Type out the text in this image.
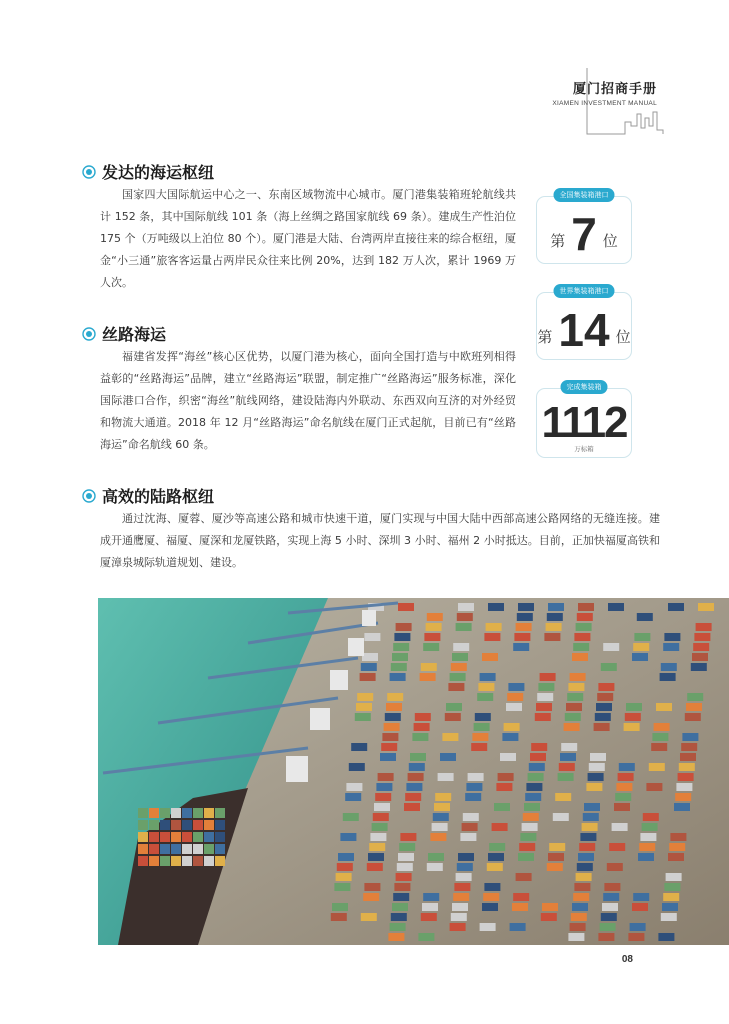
厦门招商手册
XIAMEN INVESTMENT MANUAL
发达的海运枢纽
国家四大国际航运中心之一、东南区域物流中心城市。厦门港集装箱班轮航线共计 152 条，其中国际航线 101 条（海上丝绸之路国家航线 69 条）。建成生产性泊位 175 个（万吨级以上泊位 80 个）。厦门港是大陆、台湾两岸直接往来的综合枢纽，厦金“小三通”旅客客运量占两岸民众往来比例 20%，达到 182 万人次，累计 1969 万人次。
丝路海运
福建省发挥“海丝”核心区优势，以厦门港为核心，面向全国打造与中欧班列相得益彰的“丝路海运”品牌，建立“丝路海运”联盟，制定推广“丝路海运”服务标准，深化国际港口合作，织密“海丝”航线网络，建设陆海内外联动、东西双向互济的对外经贸和物流大通道。2018 年 12 月“丝路海运”命名航线在厦门正式起航，目前已有“丝路海运”命名航线 60 条。
高效的陆路枢纽
通过沈海、厦蓉、厦沙等高速公路和城市快速干道，厦门实现与中国大陆中西部高速公路网络的无缝连接。建成开通鹰厦、福厦、厦深和龙厦铁路，实现上海 5 小时、深圳 3 小时、福州 2 小时抵达。目前，正加快福厦高铁和厦漳泉城际轨道规划、建设。
全国集装箱港口
第 7 位
世界集装箱港口
第 14 位
完成集装箱
1112
万标箱
08
